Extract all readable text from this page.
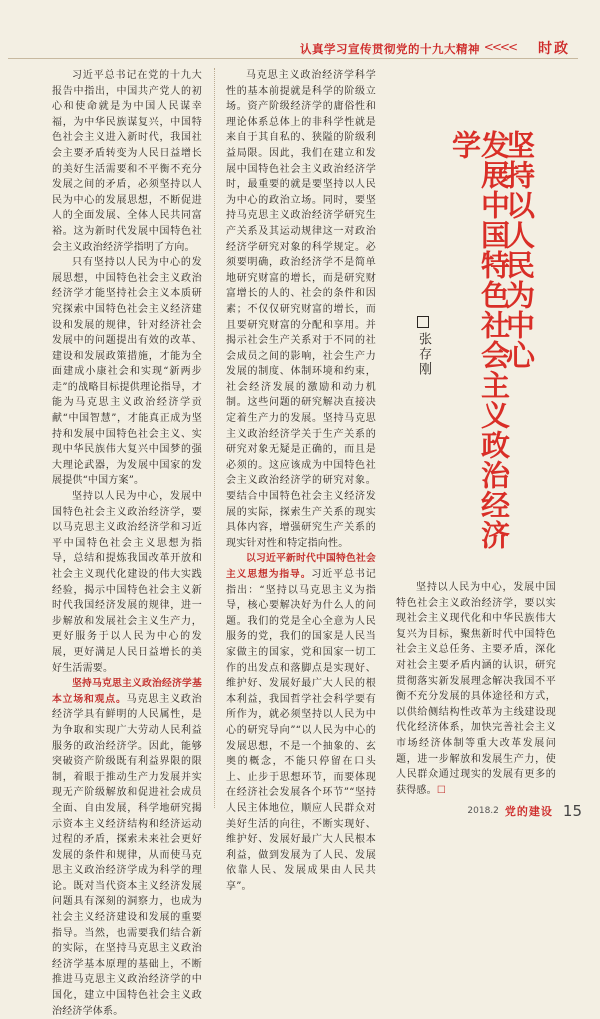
认真学习宣传贯彻党的十九大精神 <<<< 时政

习近平总书记在党的十九大报告中指出，中国共产党人的初心和使命就是为中国人民谋幸福，为中华民族谋复兴，中国特色社会主义进入新时代，我国社会主要矛盾转变为人民日益增长的美好生活需要和不平衡不充分发展之间的矛盾，必须坚持以人民为中心的发展思想，不断促进人的全面发展、全体人民共同富裕。这为新时代发展中国特色社会主义政治经济学指明了方向。

只有坚持以人民为中心的发展思想，中国特色社会主义政治经济学才能坚持社会主义本质研究探索中国特色社会主义经济建设和发展的规律，针对经济社会发展中的问题提出有效的改革、建设和发展政策措施，才能为全面建成小康社会和实现“新两步走”的战略目标提供理论指导，才能为马克思主义政治经济学贡献“中国智慧”，才能真正成为坚持和发展中国特色社会主义、实现中华民族伟大复兴中国梦的强大理论武器，为发展中国家的发展提供“中国方案”。

坚持以人民为中心，发展中国特色社会主义政治经济学，要以马克思主义政治经济学和习近平中国特色社会主义思想为指导，总结和提炼我国改革开放和社会主义现代化建设的伟大实践经验，揭示中国特色社会主义新时代我国经济发展的规律，进一步解放和发展社会主义生产力，更好服务于以人民为中心的发展，更好满足人民日益增长的美好生活需要。

坚持马克思主义政治经济学基本立场和观点。马克思主义政治经济学具有鲜明的人民属性，是为争取和实现广大劳动人民利益服务的政治经济学。因此，能够突破资产阶级既有利益界限的限制，着眼于推动生产力发展并实现无产阶级解放和促进社会成员全面、自由发展，科学地研究揭示资本主义经济结构和经济运动过程的矛盾，探索未来社会更好发展的条件和规律，从而使马克思主义政治经济学成为科学的理论。既对当代资本主义经济发展问题具有深刻的洞察力，也成为社会主义经济建设和发展的重要指导。当然，也需要我们结合新的实际，在坚持马克思主义政治经济学基本原理的基础上，不断推进马克思主义政治经济学的中国化，建立中国特色社会主义政治经济学体系。

马克思主义政治经济学科学性的基本前提就是科学的阶级立场。资产阶级经济学的庸俗性和理论体系总体上的非科学性就是来自于其自私的、狭隘的阶级利益局限。因此，我们在建立和发展中国特色社会主义政治经济学时，最重要的就是要坚持以人民为中心的政治立场。同时，要坚持马克思主义政治经济学研究生产关系及其运动规律这一对政治经济学研究对象的科学规定。必须要明确，政治经济学不是简单地研究财富的增长，而是研究财富增长的人的、社会的条件和因素；不仅仅研究财富的增长，而且要研究财富的分配和享用。并揭示社会生产关系对于不同的社会成员之间的影响，社会生产力发展的制度、体制环境和约束，社会经济发展的激励和动力机制。这些问题的研究解决直接决定着生产力的发展。坚持马克思主义政治经济学关于生产关系的研究对象无疑是正确的，而且是必须的。这应该成为中国特色社会主义政治经济学的研究对象。要结合中国特色社会主义经济发展的实际，探索生产关系的现实具体内容，增强研究生产关系的现实针对性和特定指向性。

以习近平新时代中国特色社会主义思想为指导。习近平总书记指出：“坚持以马克思主义为指导，核心要解决好为什么人的问题。我们的党是全心全意为人民服务的党，我们的国家是人民当家做主的国家，党和国家一切工作的出发点和落脚点是实现好、维护好、发展好最广大人民的根本利益，我国哲学社会科学要有所作为，就必须坚持以人民为中心的研究导向”“以人民为中心的发展思想，不是一个抽象的、玄奥的概念，不能只停留在口头上、止步于思想环节，而要体现在经济社会发展各个环节”“坚持人民主体地位，顺应人民群众对美好生活的向往，不断实现好、维护好、发展好最广大人民根本利益，做到发展为了人民、发展依靠人民、发展成果由人民共享”。

坚持以人民为中心
发展中国特色社会主义政治经济学
张存刚

坚持以人民为中心，发展中国特色社会主义政治经济学，要以实现社会主义现代化和中华民族伟大复兴为目标，聚焦新时代中国特色社会主义总任务、主要矛盾，深化对社会主要矛盾内涵的认识，研究贯彻落实新发展理念解决我国不平衡不充分发展的具体途径和方式，以供给侧结构性改革为主线建设现代化经济体系，加快完善社会主义市场经济体制等重大改革发展问题，进一步解放和发展生产力，使人民群众通过现实的发展有更多的获得感。☐

2018.2 党的建设 15
